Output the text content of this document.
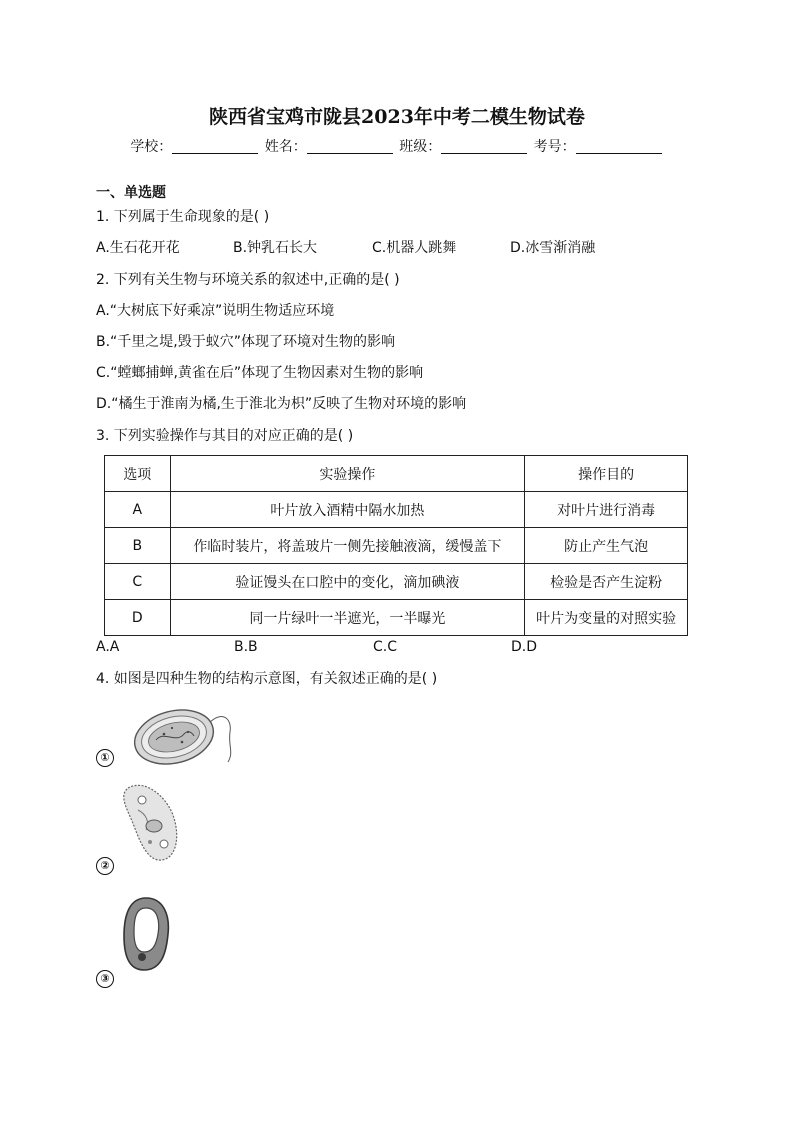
陕西省宝鸡市陇县2023年中考二模生物试卷
学校：	姓名：	班级：	考号：
一、单选题
1. 下列属于生命现象的是( )
A.生石花开花	B.钟乳石长大	C.机器人跳舞	D.冰雪渐消融
2. 下列有关生物与环境关系的叙述中,正确的是( )
A.“大树底下好乘凉”说明生物适应环境
B.“千里之堤,毁于蚁穴”体现了环境对生物的影响
C.“螳螂捕蝉,黄雀在后”体现了生物因素对生物的影响
D.“橘生于淮南为橘,生于淮北为枳”反映了生物对环境的影响
3. 下列实验操作与其目的对应正确的是( )
选项	实验操作	操作目的
A	叶片放入酒精中隔水加热	对叶片进行消毒
B	作临时装片，将盖玻片一侧先接触液滴，缓慢盖下	防止产生气泡
C	验证馒头在口腔中的变化，滴加碘液	检验是否产生淀粉
D	同一片绿叶一半遮光，一半曝光	叶片为变量的对照实验
A.A	B.B	C.C	D.D
4. 如图是四种生物的结构示意图，有关叙述正确的是( )
①
②
③
